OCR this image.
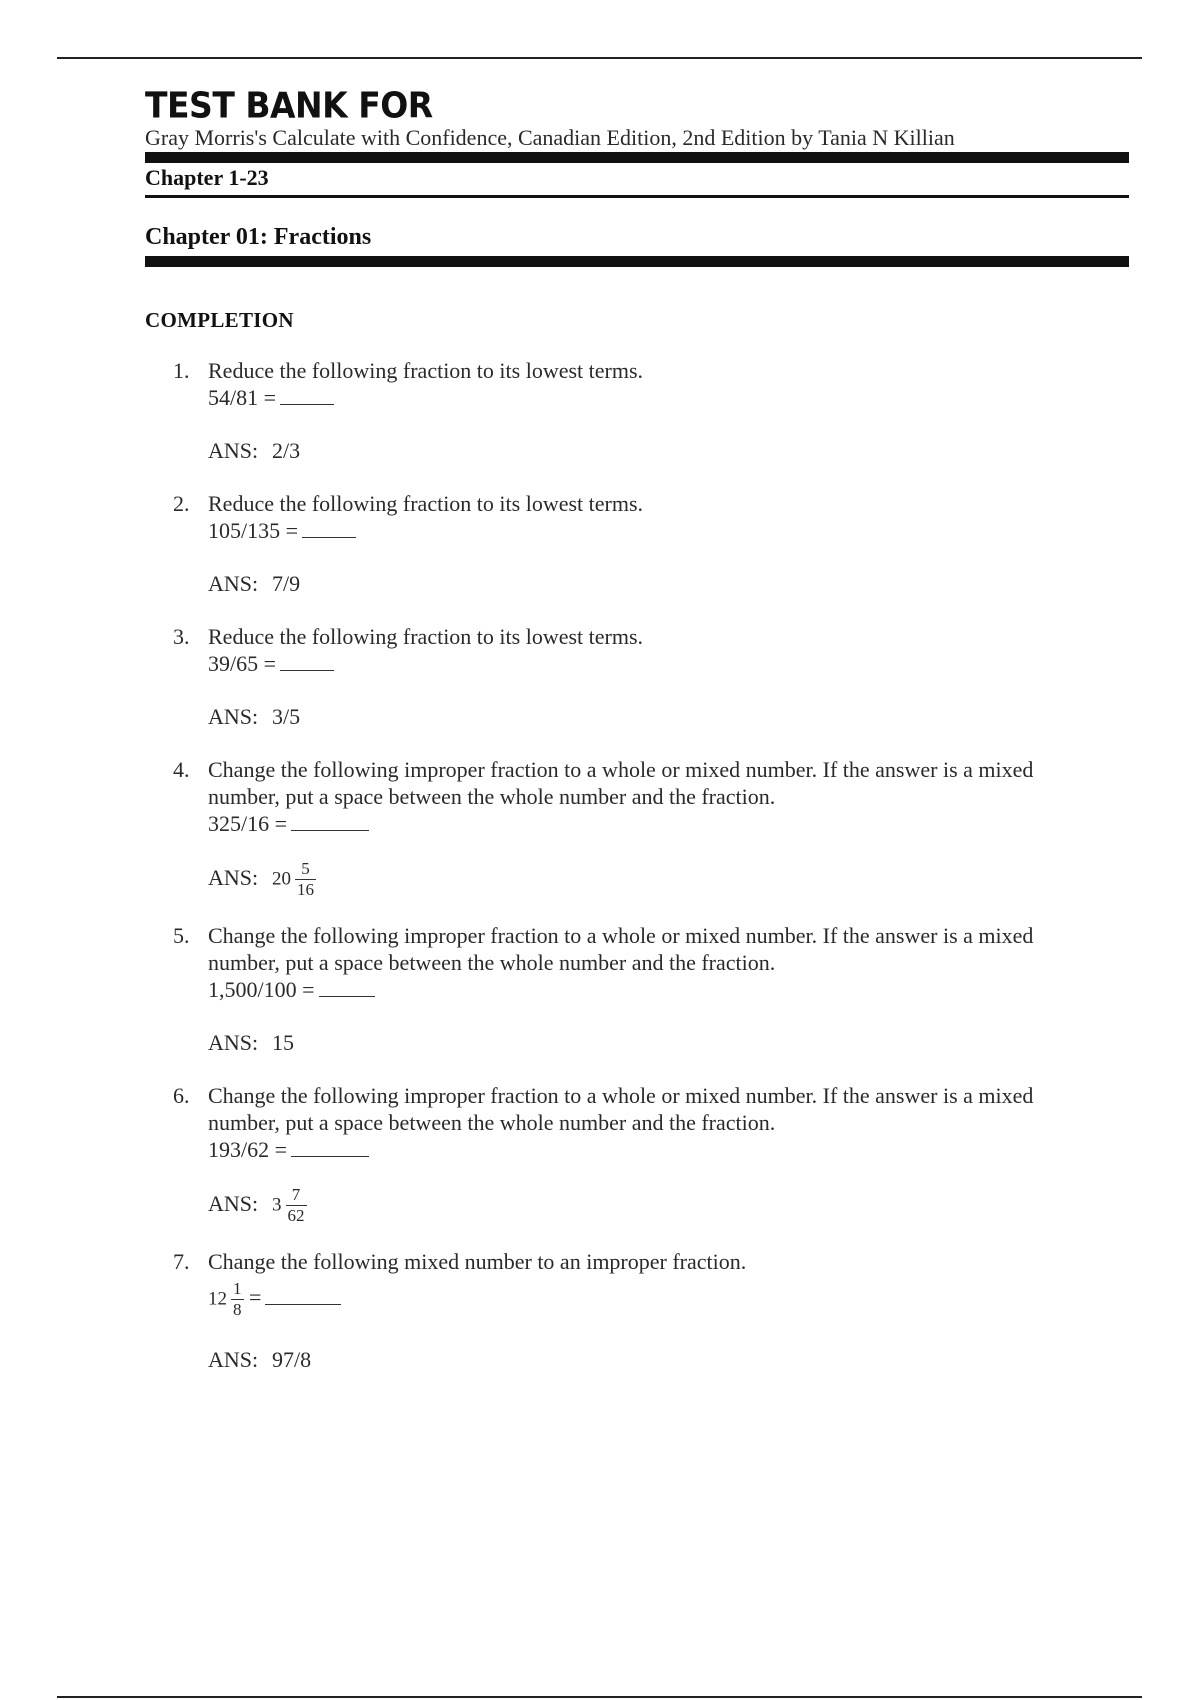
TEST BANK FOR
Gray Morris's Calculate with Confidence, Canadian Edition, 2nd Edition by Tania N Killian
Chapter 1-23
Chapter 01: Fractions
COMPLETION
1. Reduce the following fraction to its lowest terms.
54/81 =
ANS: 2/3
2. Reduce the following fraction to its lowest terms.
105/135 =
ANS: 7/9
3. Reduce the following fraction to its lowest terms.
39/65 =
ANS: 3/5
4. Change the following improper fraction to a whole or mixed number. If the answer is a mixed
number, put a space between the whole number and the fraction.
325/16 =
ANS: $20 \frac{5}{16}$
5. Change the following improper fraction to a whole or mixed number. If the answer is a mixed
number, put a space between the whole number and the fraction.
1,500/100 =
ANS: 15
6. Change the following improper fraction to a whole or mixed number. If the answer is a mixed
number, put a space between the whole number and the fraction.
193/62 =
ANS: $3 \frac{7}{62}$
7. Change the following mixed number to an improper fraction.
$12 \frac{1}{8}$ =
ANS: 97/8
